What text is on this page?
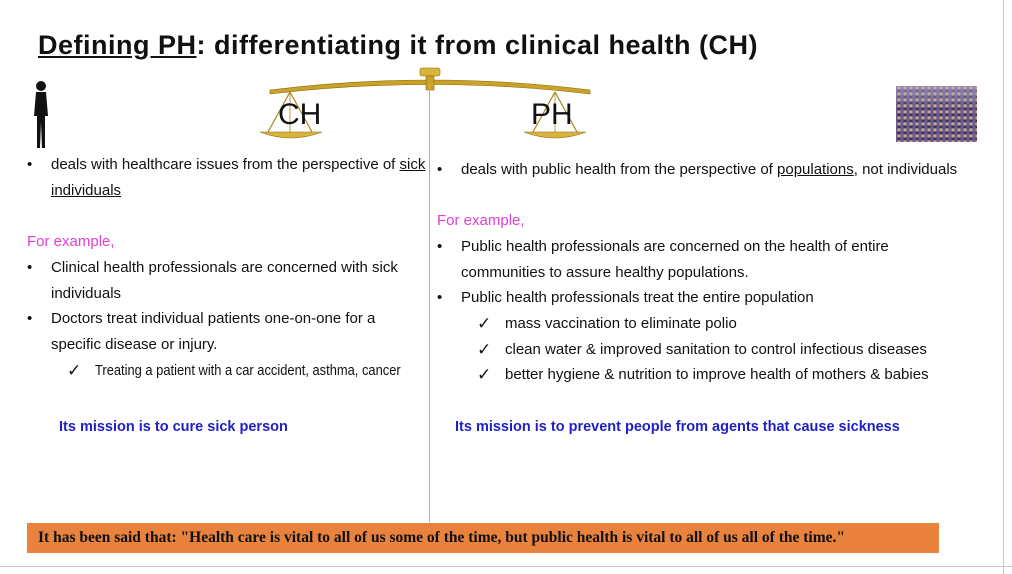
Defining PH: differentiating it from clinical health (CH)
CH	PH
• deals with healthcare issues from the perspective of sick individuals
For example,
• Clinical health professionals are concerned with sick individuals
• Doctors treat individual patients one-on-one for a specific disease or injury.
✓ Treating a patient with a car accident, asthma, cancer
Its mission is to cure sick person
• deals with public health from the perspective of populations, not individuals
For example,
• Public health professionals are concerned on the health of entire communities to assure healthy populations.
• Public health professionals treat the entire population
✓ mass vaccination to eliminate polio
✓ clean water & improved sanitation to control infectious diseases
✓ better hygiene & nutrition to improve health of mothers & babies
Its mission is to prevent people from agents that cause sickness
It has been said that: "Health care is vital to all of us some of the time, but public health is vital to all of us all of the time."
